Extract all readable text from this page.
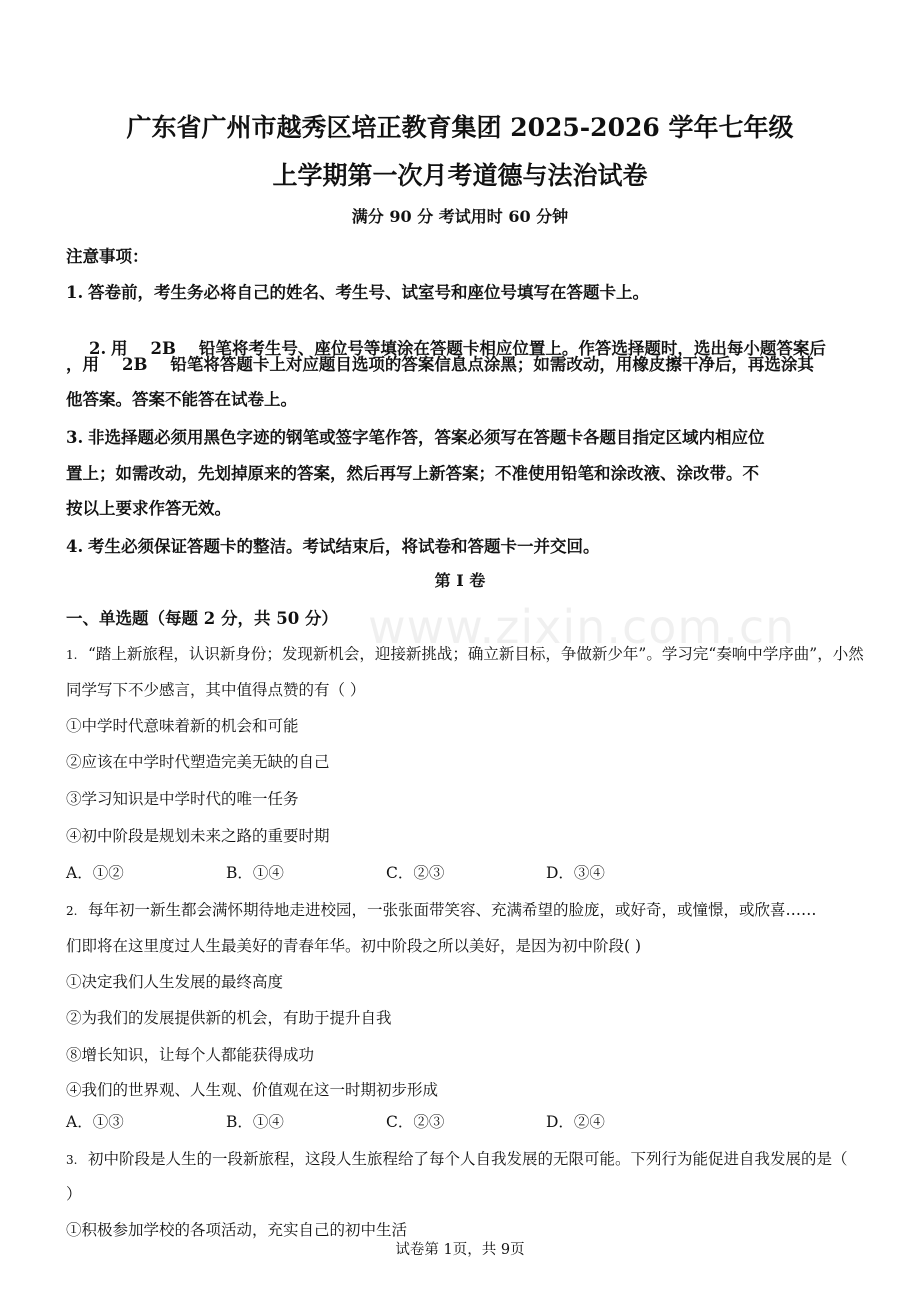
广东省广州市越秀区培正教育集团 2025-2026 学年七年级
上学期第一次月考道德与法治试卷
满分 90 分 考试用时 60 分钟
注意事项：
1. 答卷前，考生务必将自己的姓名、考生号、试室号和座位号填写在答题卡上。

2. 用    2B    铅笔将考生号、座位号等填涂在答题卡相应位置上。作答选择题时，选出每小题答案后

，用    2B    铅笔将答题卡上对应题目选项的答案信息点涂黑；如需改动，用橡皮擦干净后，再选涂其
他答案。答案不能答在试卷上。
3. 非选择题必须用黑色字迹的钢笔或签字笔作答，答案必须写在答题卡各题目指定区域内相应位
置上；如需改动，先划掉原来的答案，然后再写上新答案；不准使用铅笔和涂改液、涂改带。不
按以上要求作答无效。
4. 考生必须保证答题卡的整洁。考试结束后，将试卷和答题卡一并交回。
第 I 卷
一、单选题（每题 2 分，共 50 分）
1. “踏上新旅程，认识新身份；发现新机会，迎接新挑战；确立新目标，争做新少年”。学习完“奏响中学序曲”，小然
同学写下不少感言，其中值得点赞的有（ ）
①中学时代意味着新的机会和可能
②应该在中学时代塑造完美无缺的自己
③学习知识是中学时代的唯一任务
④初中阶段是规划未来之路的重要时期
A．①②	B．①④	C．②③	D．③④
2. 每年初一新生都会满怀期待地走进校园，一张张面带笑容、充满希望的脸庞，或好奇，或憧憬，或欣喜……
们即将在这里度过人生最美好的青春年华。初中阶段之所以美好，是因为初中阶段( )
①决定我们人生发展的最终高度
②为我们的发展提供新的机会，有助于提升自我
⑧增长知识，让每个人都能获得成功
④我们的世界观、人生观、价值观在这一时期初步形成
A．①③	B．①④	C．②③	D．②④
3. 初中阶段是人生的一段新旅程，这段人生旅程给了每个人自我发展的无限可能。下列行为能促进自我发展的是（
）
①积极参加学校的各项活动，充实自己的初中生活
试卷第 1页，共 9页
www.zixin.com.cn
